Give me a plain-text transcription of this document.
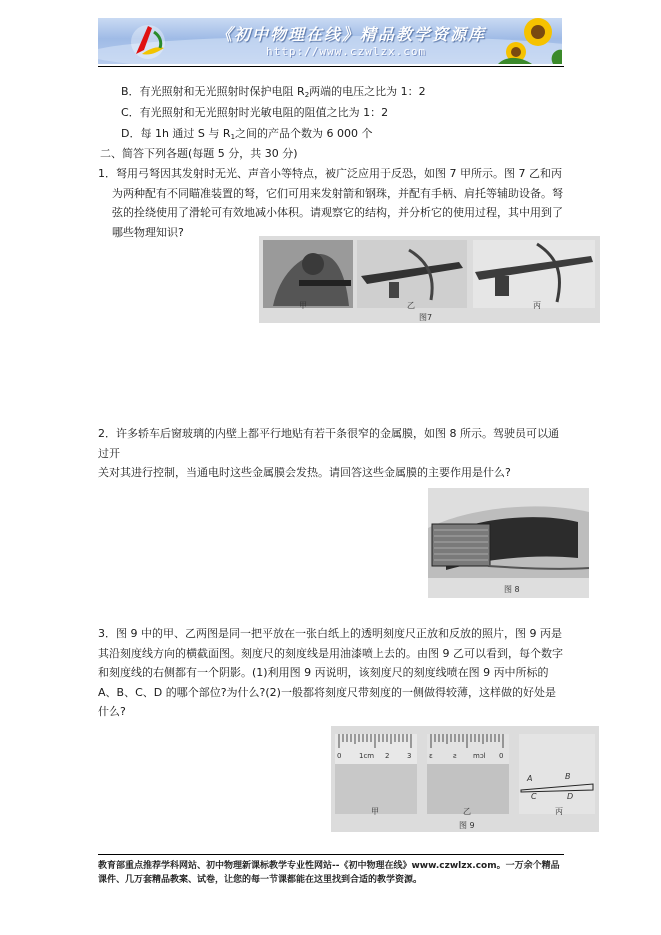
《初中物理在线》精品教学资源库
http://www.czwlzx.com
B．有光照射和无光照射时保护电阻 $R_2$两端的电压之比为 1：2
C．有光照射和无光照射时光敏电阻的阻值之比为 1：2
D．每 1h 通过 S 与 $R_1$之间的产品个数为 6 000 个
二、简答下列各题(每题 5 分，共 30 分)
1．弩用弓弩因其发射时无光、声音小等特点，被广泛应用于反恐，如图 7 甲所示。图 7 乙和丙为两种配有不同瞄准装置的弩，它们可用来发射箭和钢珠，并配有手柄、肩托等辅助设备。弩弦的拴绕使用了滑轮可有效地减小体积。请观察它的结构，并分析它的使用过程，其中用到了哪些物理知识?
甲	乙	丙
图7
2．许多轿车后窗玻璃的内壁上都平行地贴有若干条很窄的金属膜，如图 8 所示。驾驶员可以通过开
关对其进行控制，当通电时这些金属膜会发热。请回答这些金属膜的主要作用是什么?
图 8
3．图 9 中的甲、乙两图是同一把平放在一张白纸上的透明刻度尺正放和反放的照片，图 9 丙是其沿刻度线方向的横截面图。刻度尺的刻度线是用油漆喷上去的。由图 9 乙可以看到，每个数字和刻度线的右侧都有一个阴影。(1)利用图 9 丙说明，该刻度尺的刻度线喷在图 9 丙中所标的 A、B、C、D 的哪个部位?为什么?(2)一般都将刻度尺带刻度的一侧做得较薄，这样做的好处是什么?
0	1cm 2	3	ε	ƨ mɔl 0
A	B
C	D
甲	乙	丙
图 9
教育部重点推荐学科网站、初中物理新课标教学专业性网站--《初中物理在线》www.czwlzx.com。一万余个精品课件、几万套精品教案、试卷，让您的每一节课都能在这里找到合适的教学资源。
